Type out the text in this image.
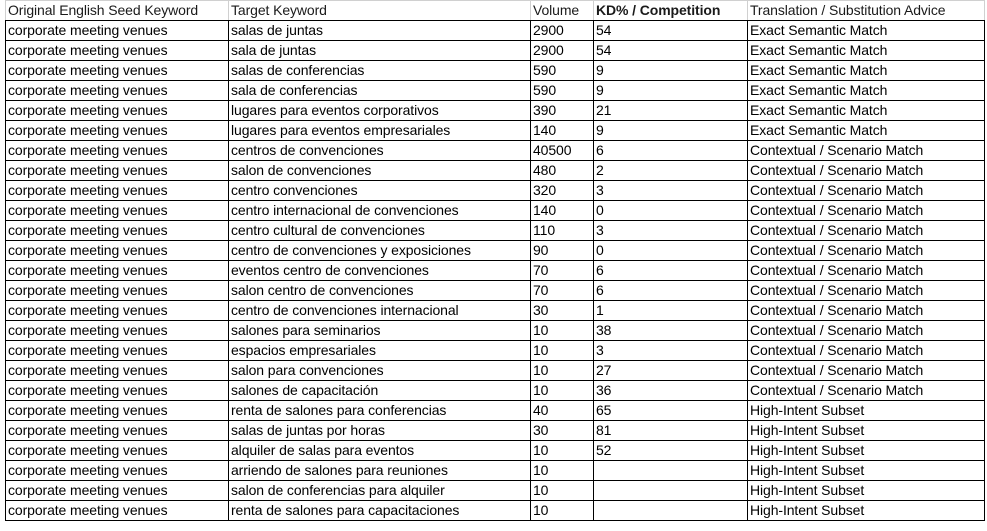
Original English Seed Keyword	Target Keyword	Volume	KD% / Competition	Translation / Substitution Advice
corporate meeting venues	salas de juntas	2900	54	Exact Semantic Match
corporate meeting venues	sala de juntas	2900	54	Exact Semantic Match
corporate meeting venues	salas de conferencias	590	9	Exact Semantic Match
corporate meeting venues	sala de conferencias	590	9	Exact Semantic Match
corporate meeting venues	lugares para eventos corporativos	390	21	Exact Semantic Match
corporate meeting venues	lugares para eventos empresariales	140	9	Exact Semantic Match
corporate meeting venues	centros de convenciones	40500	6	Contextual / Scenario Match
corporate meeting venues	salon de convenciones	480	2	Contextual / Scenario Match
corporate meeting venues	centro convenciones	320	3	Contextual / Scenario Match
corporate meeting venues	centro internacional de convenciones	140	0	Contextual / Scenario Match
corporate meeting venues	centro cultural de convenciones	110	3	Contextual / Scenario Match
corporate meeting venues	centro de convenciones y exposiciones	90	0	Contextual / Scenario Match
corporate meeting venues	eventos centro de convenciones	70	6	Contextual / Scenario Match
corporate meeting venues	salon centro de convenciones	70	6	Contextual / Scenario Match
corporate meeting venues	centro de convenciones internacional	30	1	Contextual / Scenario Match
corporate meeting venues	salones para seminarios	10	38	Contextual / Scenario Match
corporate meeting venues	espacios empresariales	10	3	Contextual / Scenario Match
corporate meeting venues	salon para convenciones	10	27	Contextual / Scenario Match
corporate meeting venues	salones de capacitación	10	36	Contextual / Scenario Match
corporate meeting venues	renta de salones para conferencias	40	65	High-Intent Subset
corporate meeting venues	salas de juntas por horas	30	81	High-Intent Subset
corporate meeting venues	alquiler de salas para eventos	10	52	High-Intent Subset
corporate meeting venues	arriendo de salones para reuniones	10		High-Intent Subset
corporate meeting venues	salon de conferencias para alquiler	10		High-Intent Subset
corporate meeting venues	renta de salones para capacitaciones	10		High-Intent Subset
